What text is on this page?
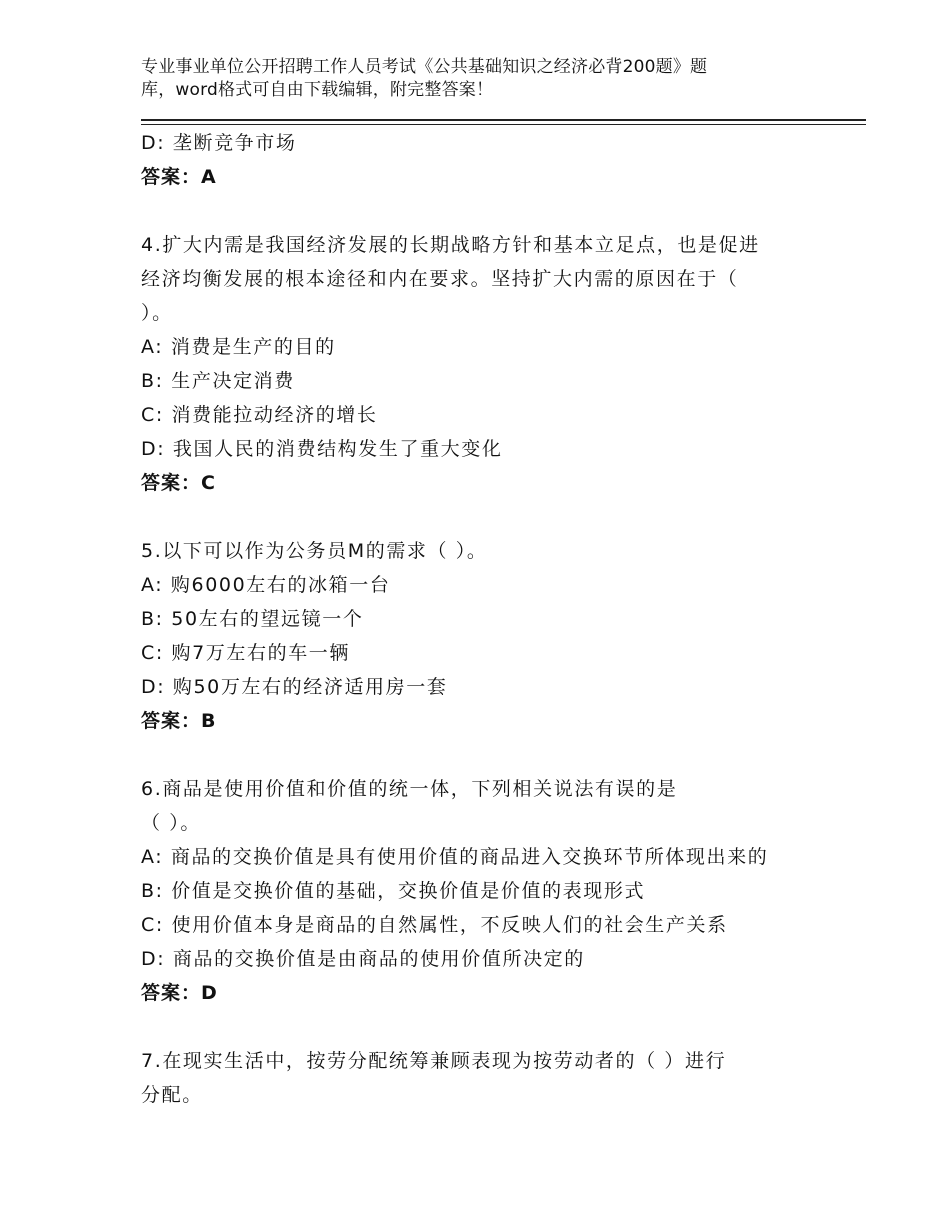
专业事业单位公开招聘工作人员考试《公共基础知识之经济必背200题》题
库，word格式可自由下载编辑，附完整答案！
D: 垄断竞争市场
答案：A
4.扩大内需是我国经济发展的长期战略方针和基本立足点，也是促进
经济均衡发展的根本途径和内在要求。坚持扩大内需的原因在于（
）。
A: 消费是生产的目的
B: 生产决定消费
C: 消费能拉动经济的增长
D: 我国人民的消费结构发生了重大变化
答案：C
5.以下可以作为公务员M的需求（ ）。
A: 购6000左右的冰箱一台
B: 50左右的望远镜一个
C: 购7万左右的车一辆
D: 购50万左右的经济适用房一套
答案：B
6.商品是使用价值和价值的统一体，下列相关说法有误的是
（ ）。
A: 商品的交换价值是具有使用价值的商品进入交换环节所体现出来的
B: 价值是交换价值的基础，交换价值是价值的表现形式
C: 使用价值本身是商品的自然属性，不反映人们的社会生产关系
D: 商品的交换价值是由商品的使用价值所决定的
答案：D
7.在现实生活中，按劳分配统筹兼顾表现为按劳动者的（ ）进行
分配。
